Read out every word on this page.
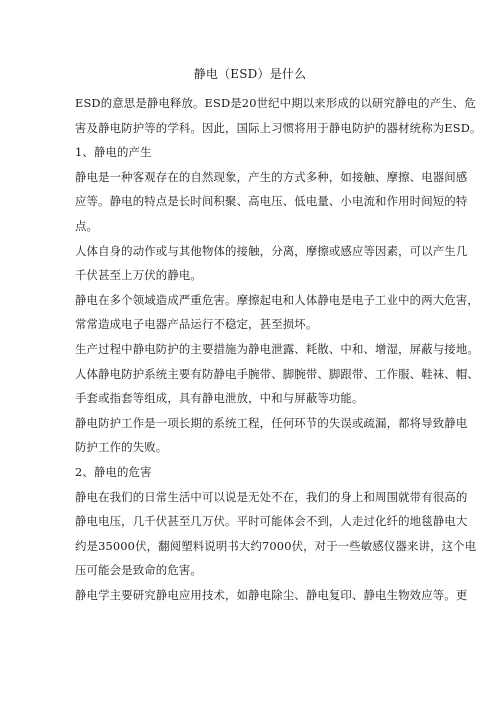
静电（ESD）是什么
ESD的意思是静电释放。ESD是20世纪中期以来形成的以研究静电的产生、危
害及静电防护等的学科。因此，国际上习惯将用于静电防护的器材统称为ESD。
1、静电的产生
静电是一种客观存在的自然现象，产生的方式多种，如接触、摩擦、电器间感
应等。静电的特点是长时间积聚、高电压、低电量、小电流和作用时间短的特
点。
人体自身的动作或与其他物体的接触，分离，摩擦或感应等因素，可以产生几
千伏甚至上万伏的静电。
静电在多个领域造成严重危害。摩擦起电和人体静电是电子工业中的两大危害，
常常造成电子电器产品运行不稳定，甚至损坏。
生产过程中静电防护的主要措施为静电泄露、耗散、中和、增湿，屏蔽与接地。
人体静电防护系统主要有防静电手腕带、脚腕带、脚跟带、工作服、鞋袜、帽、
手套或指套等组成，具有静电泄放，中和与屏蔽等功能。
静电防护工作是一项长期的系统工程，任何环节的失误或疏漏，都将导致静电
防护工作的失败。
2、静电的危害
静电在我们的日常生活中可以说是无处不在，我们的身上和周围就带有很高的
静电电压，几千伏甚至几万伏。平时可能体会不到，人走过化纤的地毯静电大
约是35000伏，翻阅塑料说明书大约7000伏，对于一些敏感仪器来讲，这个电
压可能会是致命的危害。
静电学主要研究静电应用技术，如静电除尘、静电复印、静电生物效应等。更
